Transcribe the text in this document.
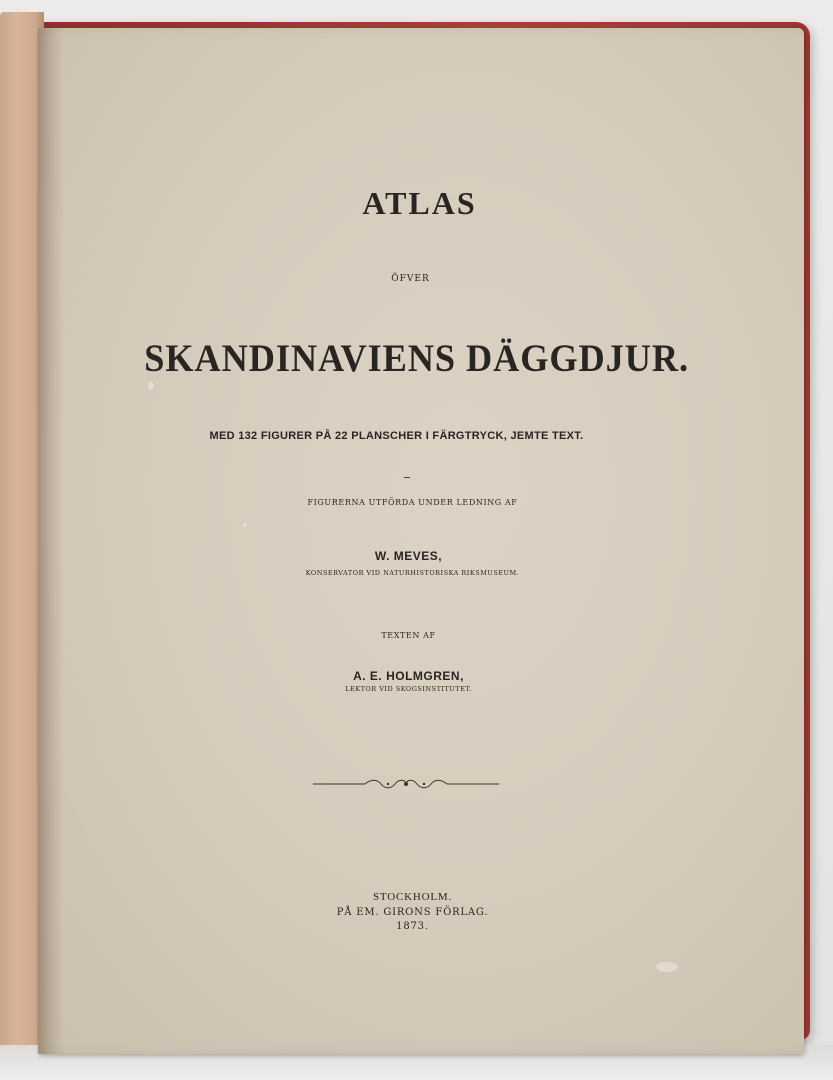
ATLAS
ÖFVER
SKANDINAVIENS DÄGGDJUR.
MED 132 FIGURER PÅ 22 PLANSCHER I FÄRGTRYCK, JEMTE TEXT.
FIGURERNA UTFÖRDA UNDER LEDNING AF
W. MEVES,
KONSERVATOR VID NATURHISTORISKA RIKSMUSEUM.
TEXTEN AF
A. E. HOLMGREN,
LEKTOR VID SKOGSINSTITUTET.
STOCKHOLM.
PÅ EM. GIRONS FÖRLAG.
1873.
